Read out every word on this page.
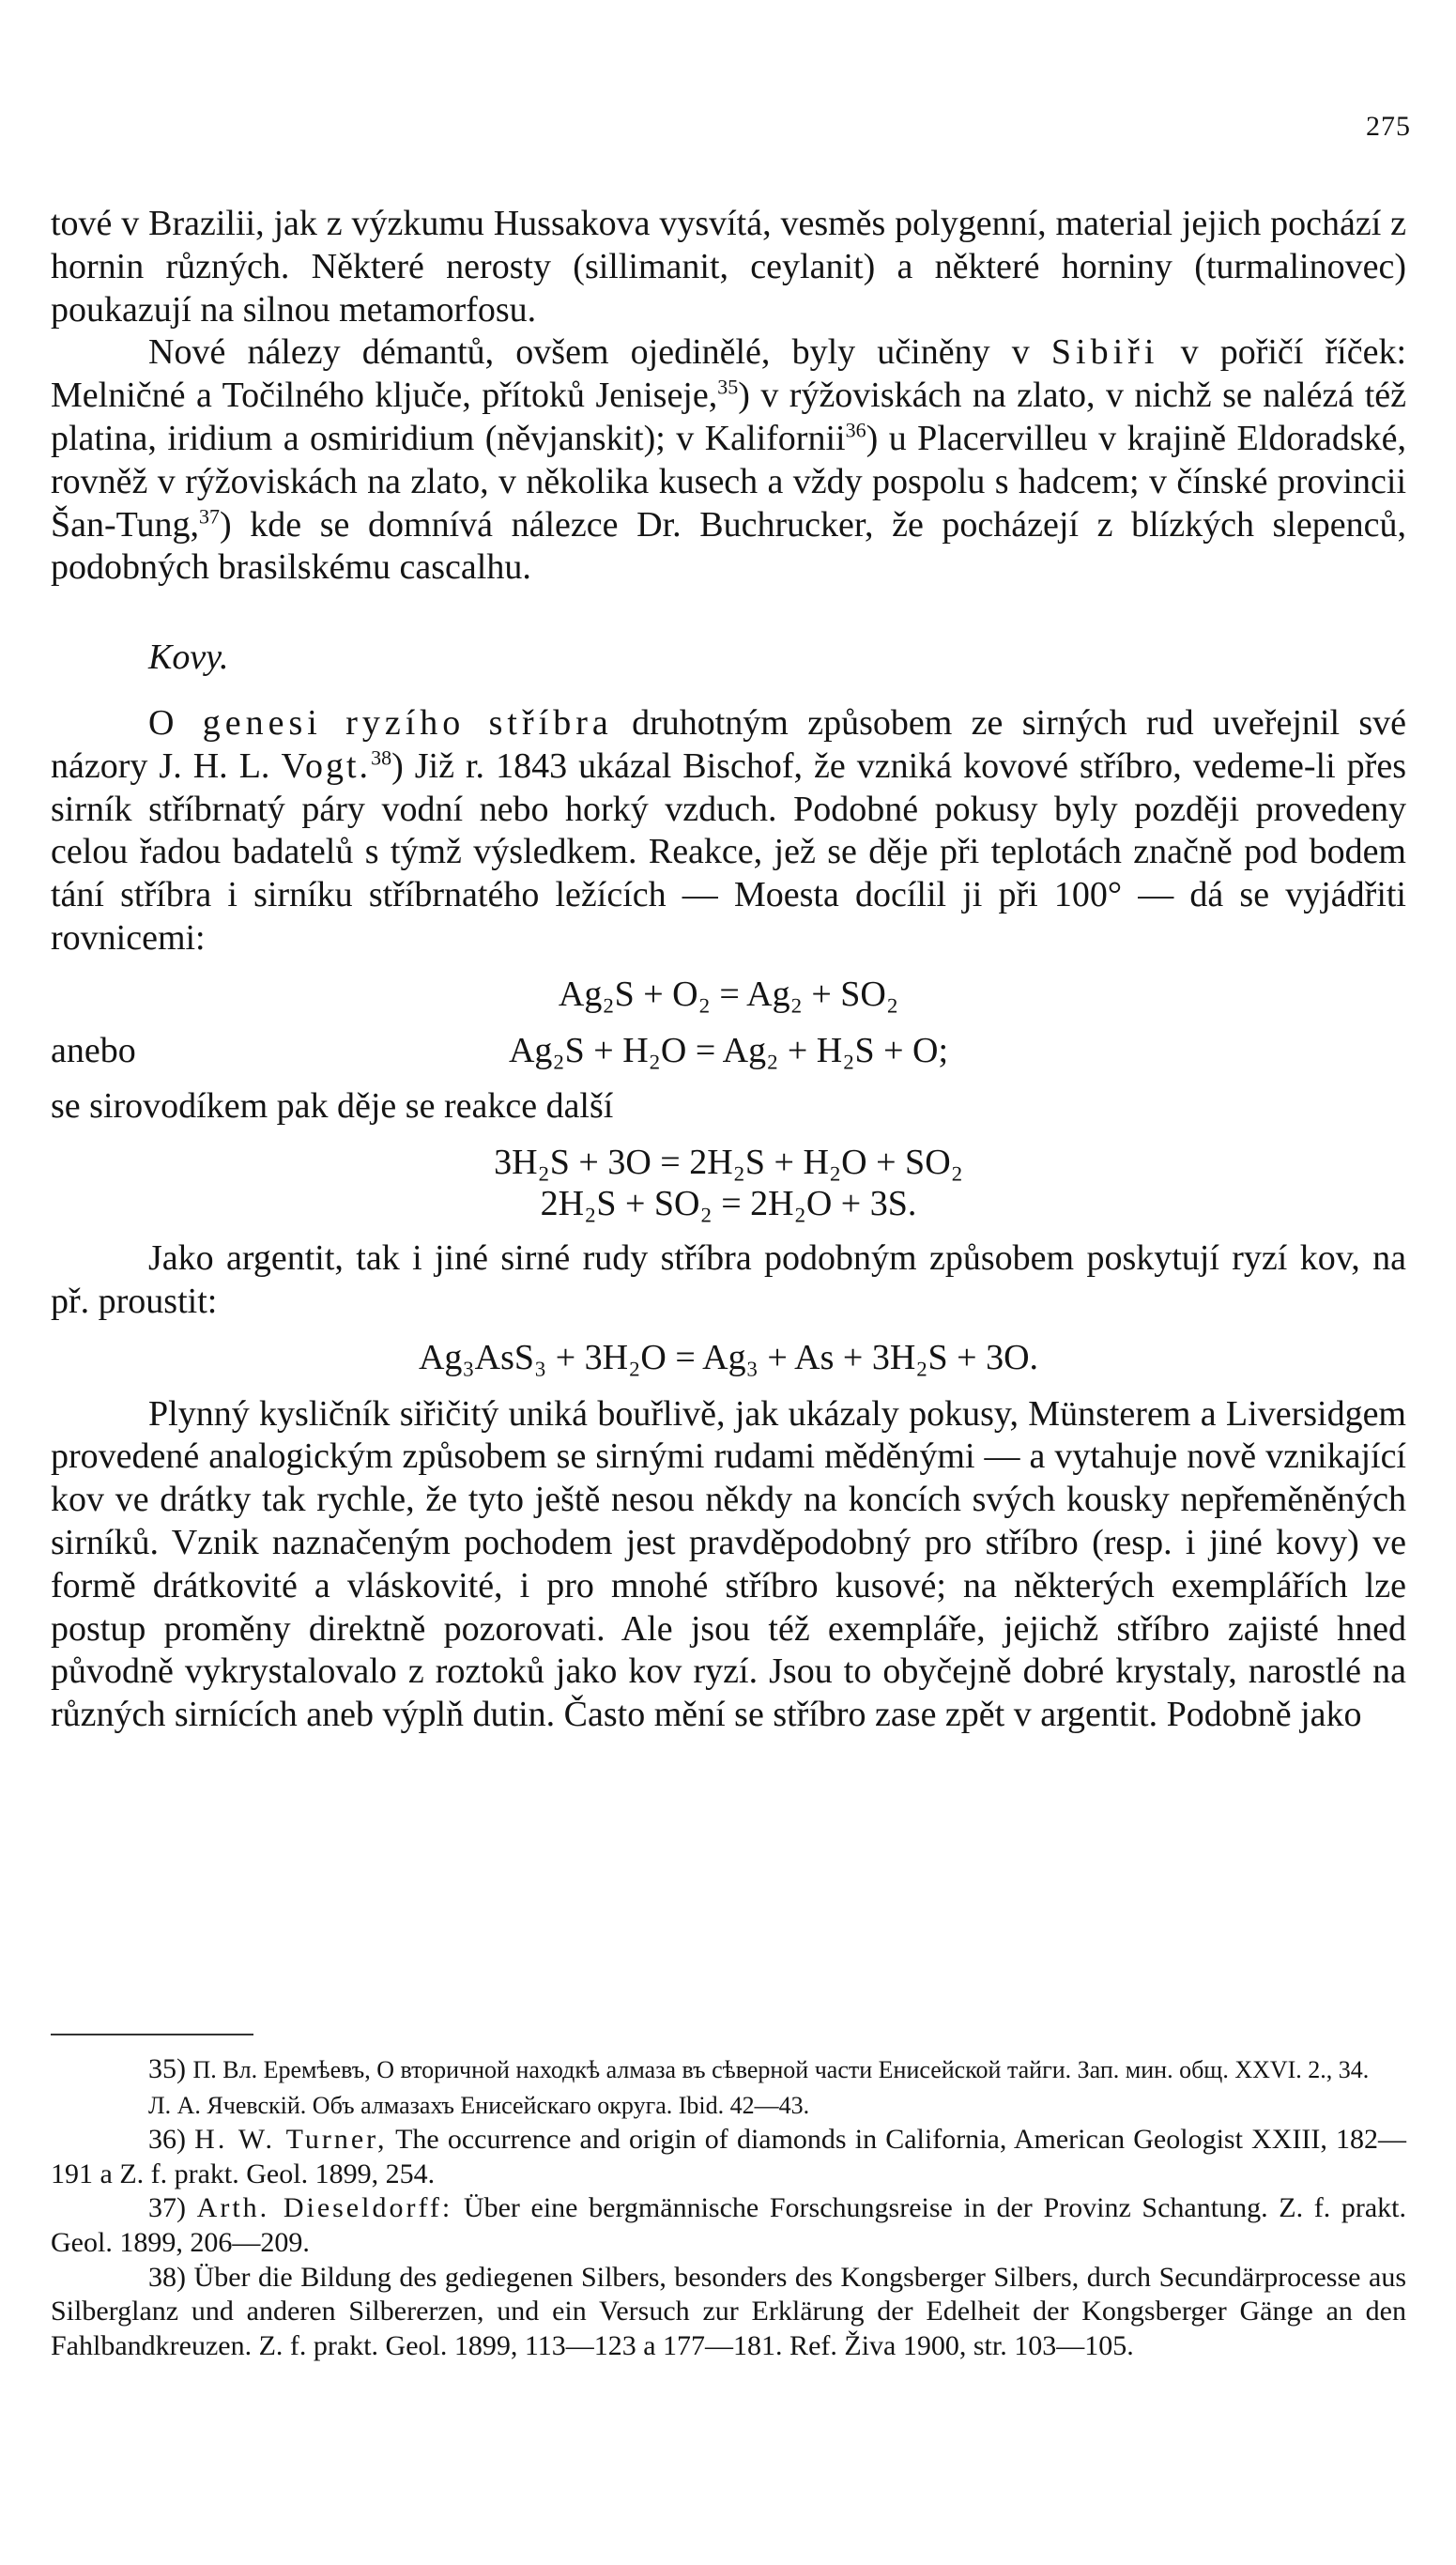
275

tové v Brazilii, jak z výzkumu Hussakova vysvítá, vesměs polygenní, material jejich pochází z hornin různých. Některé nerosty (sillimanit, ceylanit) a některé horniny (turmalinovec) poukazují na silnou metamorfosu.

Nové nálezy démantů, ovšem ojedinělé, byly učiněny v Sibiři v pořičí říček: Melničné a Točilného ključe, přítoků Jeniseje,$^{35}$) v rýžoviskách na zlato, v nichž se nalézá též platina, iridium a osmiridium (něvjanskit); v Kalifornii$^{36}$) u Placervilleu v krajině Eldoradské, rovněž v rýžoviskách na zlato, v několika kusech a vždy pospolu s hadcem; v čínské provincii Šan-Tung,$^{37}$) kde se domnívá nálezce Dr. Buchrucker, že pocházejí z blízkých slepenců, podobných brasilskému cascalhu.

Kovy.

O genesi ryzího stříbra druhotným způsobem ze sirných rud uveřejnil své názory J. H. L. Vogt.$^{38}$) Již r. 1843 ukázal Bischof, že vzniká kovové stříbro, vedeme-li přes sirník stříbrnatý páry vodní nebo horký vzduch. Podobné pokusy byly později provedeny celou řadou badatelů s týmž výsledkem. Reakce, jež se děje při teplotách značně pod bodem tání stříbra i sirníku stříbrnatého ležících — Moesta docílil ji při 100° — dá se vyjádřiti rovnicemi:

Ag₂S + O₂ = Ag₂ + SO₂
anebo	Ag₂S + H₂O = Ag₂ + H₂S + O;

se sirovodíkem pak děje se reakce další

3H₂S + 3O = 2H₂S + H₂O + SO₂
2H₂S + SO₂ = 2H₂O + 3S.

Jako argentit, tak i jiné sirné rudy stříbra podobným způsobem poskytují ryzí kov, na př. proustit:

Ag₃AsS₃ + 3H₂O = Ag₃ + As + 3H₂S + 3O.

Plynný kysličník siřičitý uniká bouřlivě, jak ukázaly pokusy, Münsterem a Liversidgem provedené analogickým způsobem se sirnými rudami měděnými — a vytahuje nově vznikající kov ve drátky tak rychle, že tyto ještě nesou někdy na koncích svých kousky nepřeměněných sirníků. Vznik naznačeným pochodem jest pravděpodobný pro stříbro (resp. i jiné kovy) ve formě drátkovité a vláskovité, i pro mnohé stříbro kusové; na některých exemplářích lze postup proměny direktně pozorovati. Ale jsou též exempláře, jejichž stříbro zajisté hned původně vykrystalovalo z roztoků jako kov ryzí. Jsou to obyčejně dobré krystaly, narostlé na různých sirnících aneb výplň dutin. Často mění se stříbro zase zpět v argentit. Podobně jako

35) П. Вл. Еремѣевъ, О вторичной находкѣ алмаза въ сѣверной части Енисейской тайги. Зап. мин. общ. XXVI. 2., 34.

Л. А. Ячевскій. Объ алмазахъ Енисейскаго округа. Ibid. 42—43.

36) H. W. Turner, The occurrence and origin of diamonds in California, American Geologist XXIII, 182—191 a Z. f. prakt. Geol. 1899, 254.

37) Arth. Dieseldorff: Über eine bergmännische Forschungsreise in der Provinz Schantung. Z. f. prakt. Geol. 1899, 206—209.

38) Über die Bildung des gediegenen Silbers, besonders des Kongsberger Silbers, durch Secundärprocesse aus Silberglanz und anderen Silbererzen, und ein Versuch zur Erklärung der Edelheit der Kongsberger Gänge an den Fahlbandkreuzen. Z. f. prakt. Geol. 1899, 113—123 a 177—181. Ref. Živa 1900, str. 103—105.
